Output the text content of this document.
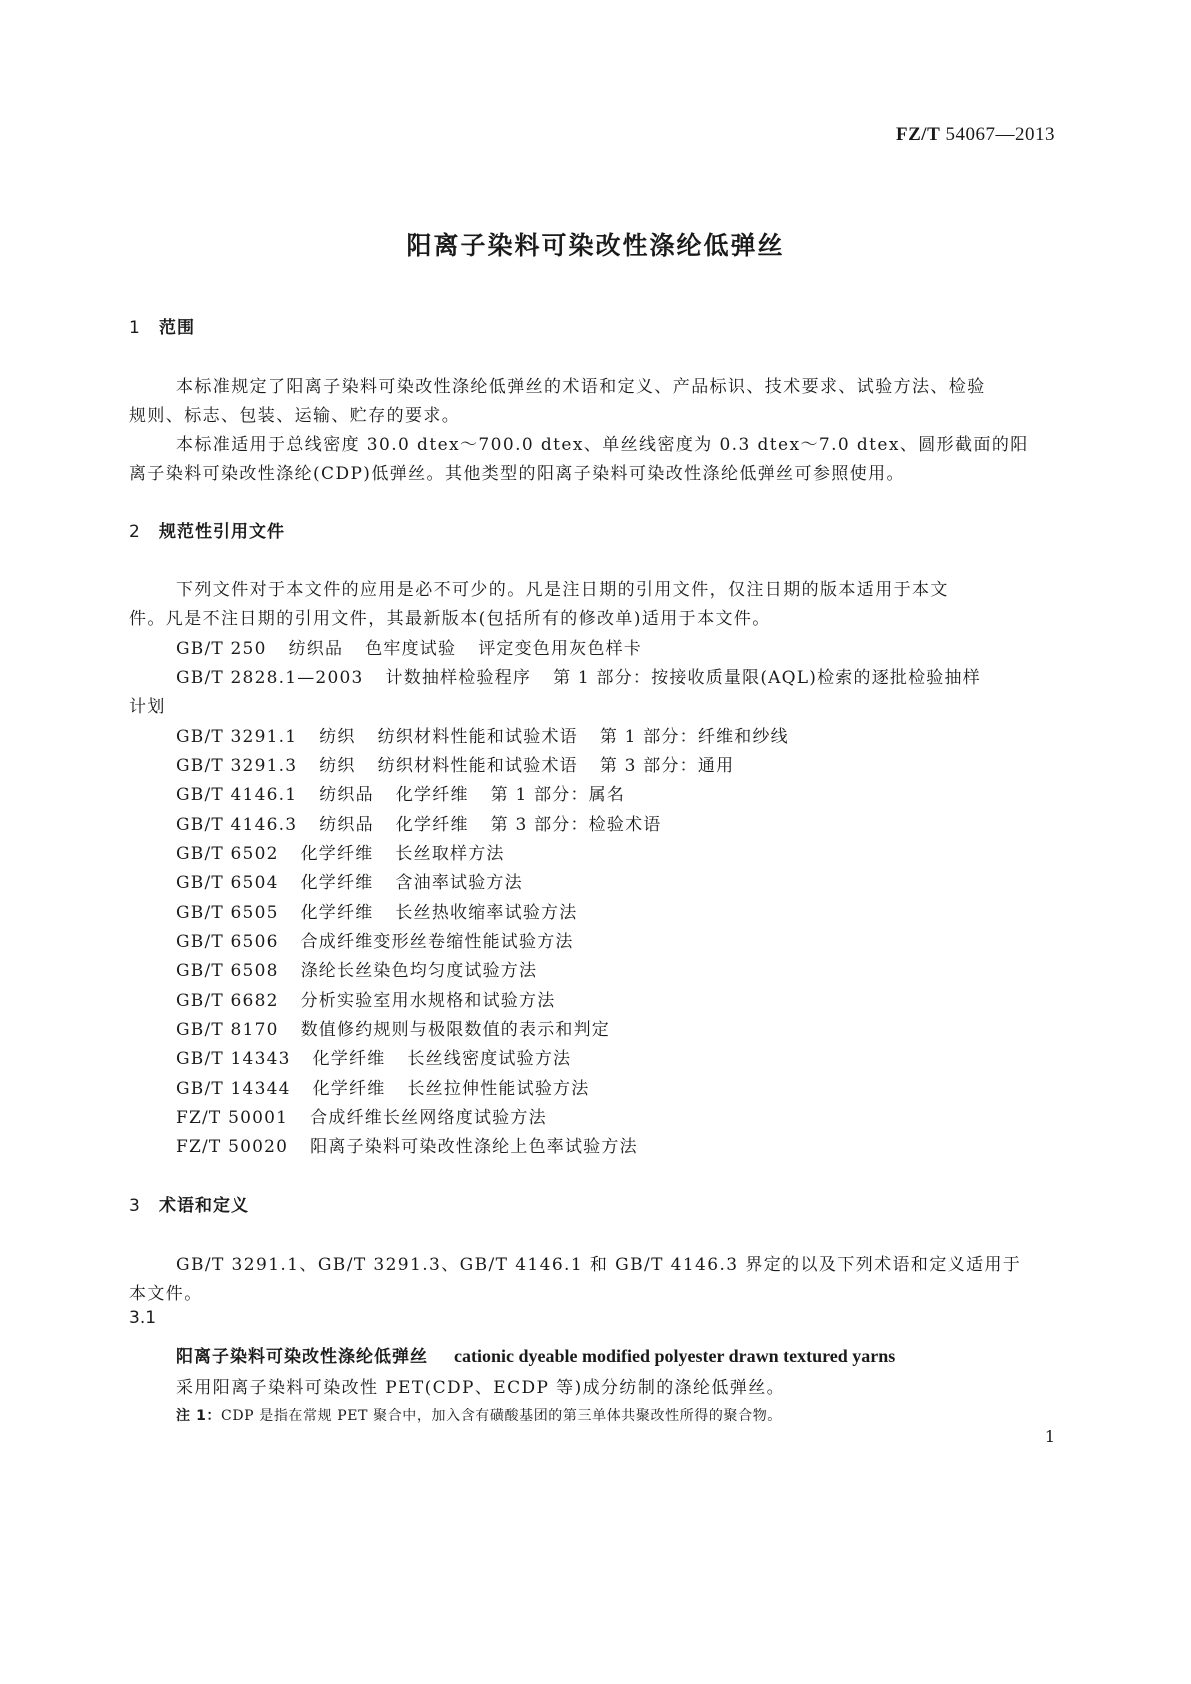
FZ/T 54067—2013
阳离子染料可染改性涤纶低弹丝
1 范围
本标准规定了阳离子染料可染改性涤纶低弹丝的术语和定义、产品标识、技术要求、试验方法、检验
规则、标志、包装、运输、贮存的要求。
本标准适用于总线密度 30.0 dtex～700.0 dtex、单丝线密度为 0.3 dtex～7.0 dtex、圆形截面的阳
离子染料可染改性涤纶(CDP)低弹丝。其他类型的阳离子染料可染改性涤纶低弹丝可参照使用。
2 规范性引用文件
下列文件对于本文件的应用是必不可少的。凡是注日期的引用文件，仅注日期的版本适用于本文
件。凡是不注日期的引用文件，其最新版本(包括所有的修改单)适用于本文件。
GB/T 250 纺织品 色牢度试验 评定变色用灰色样卡
GB/T 2828.1—2003 计数抽样检验程序 第 1 部分：按接收质量限(AQL)检索的逐批检验抽样
计划
GB/T 3291.1 纺织 纺织材料性能和试验术语 第 1 部分：纤维和纱线
GB/T 3291.3 纺织 纺织材料性能和试验术语 第 3 部分：通用
GB/T 4146.1 纺织品 化学纤维 第 1 部分：属名
GB/T 4146.3 纺织品 化学纤维 第 3 部分：检验术语
GB/T 6502 化学纤维 长丝取样方法
GB/T 6504 化学纤维 含油率试验方法
GB/T 6505 化学纤维 长丝热收缩率试验方法
GB/T 6506 合成纤维变形丝卷缩性能试验方法
GB/T 6508 涤纶长丝染色均匀度试验方法
GB/T 6682 分析实验室用水规格和试验方法
GB/T 8170 数值修约规则与极限数值的表示和判定
GB/T 14343 化学纤维 长丝线密度试验方法
GB/T 14344 化学纤维 长丝拉伸性能试验方法
FZ/T 50001 合成纤维长丝网络度试验方法
FZ/T 50020 阳离子染料可染改性涤纶上色率试验方法
3 术语和定义
GB/T 3291.1、GB/T 3291.3、GB/T 4146.1 和 GB/T 4146.3 界定的以及下列术语和定义适用于
本文件。
3.1
阳离子染料可染改性涤纶低弹丝 cationic dyeable modified polyester drawn textured yarns
采用阳离子染料可染改性 PET(CDP、ECDP 等)成分纺制的涤纶低弹丝。
注 1：CDP 是指在常规 PET 聚合中，加入含有磺酸基团的第三单体共聚改性所得的聚合物。
1
